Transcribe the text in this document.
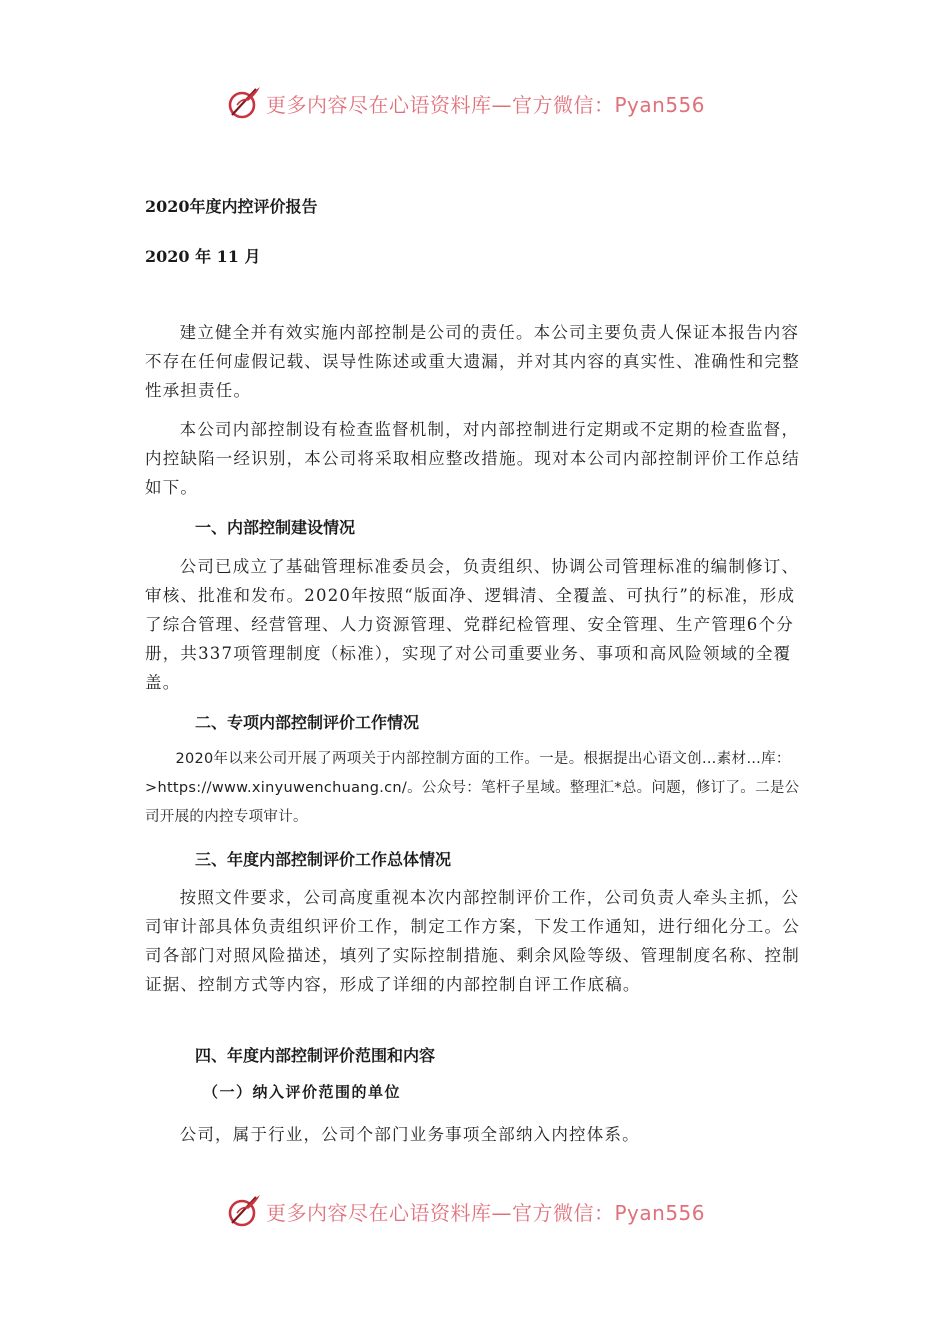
更多内容尽在心语资料库—官方微信：Pyan556
2020年度内控评价报告
2020 年 11 月

建立健全并有效实施内部控制是公司的责任。本公司主要负责人保证本报告内容不存在任何虚假记载、误导性陈述或重大遗漏，并对其内容的真实性、准确性和完整性承担责任。

本公司内部控制设有检查监督机制，对内部控制进行定期或不定期的检查监督，内控缺陷一经识别，本公司将采取相应整改措施。现对本公司内部控制评价工作总结如下。

一、内部控制建设情况

公司已成立了基础管理标准委员会，负责组织、协调公司管理标准的编制修订、审核、批准和发布。2020年按照“版面净、逻辑清、全覆盖、可执行”的标准，形成了综合管理、经营管理、人力资源管理、党群纪检管理、安全管理、生产管理6个分册，共337项管理制度（标准），实现了对公司重要业务、事项和高风险领域的全覆盖。

二、专项内部控制评价工作情况

2020年以来公司开展了两项关于内部控制方面的工作。一是。根据提出心语文创…素材…库：>https://www.xinyuwenchuang.cn/。公众号：笔杆子星域。整理汇*总。问题，修订了。二是公司开展的内控专项审计。

三、年度内部控制评价工作总体情况

按照文件要求，公司高度重视本次内部控制评价工作，公司负责人牵头主抓，公司审计部具体负责组织评价工作，制定工作方案，下发工作通知，进行细化分工。公司各部门对照风险描述，填列了实际控制措施、剩余风险等级、管理制度名称、控制证据、控制方式等内容，形成了详细的内部控制自评工作底稿。

四、年度内部控制评价范围和内容
（一）纳入评价范围的单位

公司，属于行业，公司个部门业务事项全部纳入内控体系。

更多内容尽在心语资料库—官方微信：Pyan556
